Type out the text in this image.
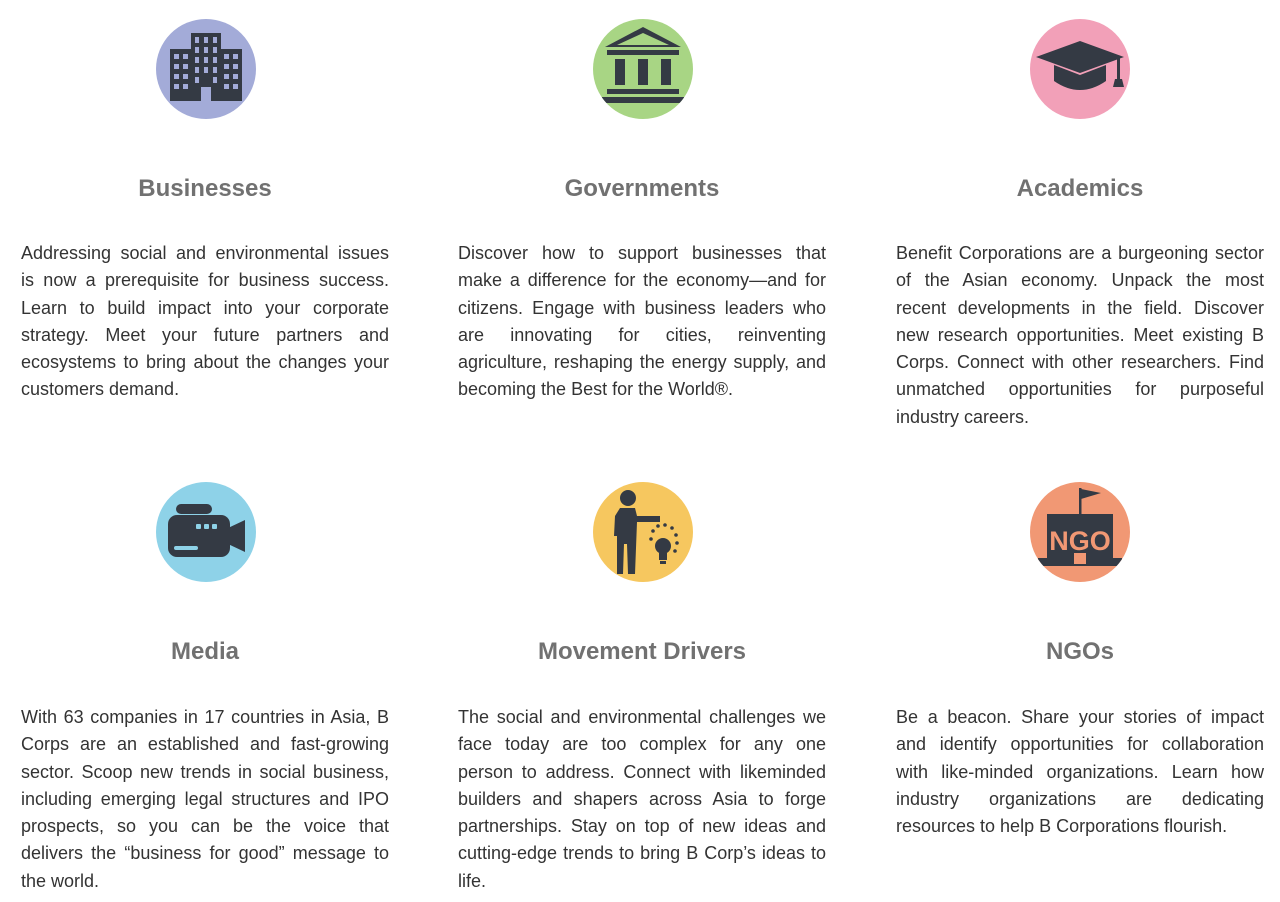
Businesses

Addressing social and environmental issues is now a prerequisite for business success. Learn to build impact into your corporate strategy. Meet your future partners and ecosystems to bring about the changes your customers demand.

Governments

Discover how to support businesses that make a difference for the economy—and for citizens. Engage with business leaders who are innovating for cities, reinventing agriculture, reshaping the energy supply, and becoming the Best for the World®.

Academics

Benefit Corporations are a burgeoning sector of the Asian economy. Unpack the most recent developments in the field. Discover new research opportunities. Meet existing B Corps. Connect with other researchers. Find unmatched opportunities for purposeful industry careers.

Media

With 63 companies in 17 countries in Asia, B Corps are an established and fast-growing sector. Scoop new trends in social business, including emerging legal structures and IPO prospects, so you can be the voice that delivers the “business for good” message to the world.

Movement Drivers

The social and environmental challenges we face today are too complex for any one person to address. Connect with likeminded builders and shapers across Asia to forge partnerships. Stay on top of new ideas and cutting-edge trends to bring B Corp’s ideas to life.

NGO
NGOs

Be a beacon. Share your stories of impact and identify opportunities for collaboration with like-minded organizations. Learn how industry organizations are dedicating resources to help B Corporations flourish.
